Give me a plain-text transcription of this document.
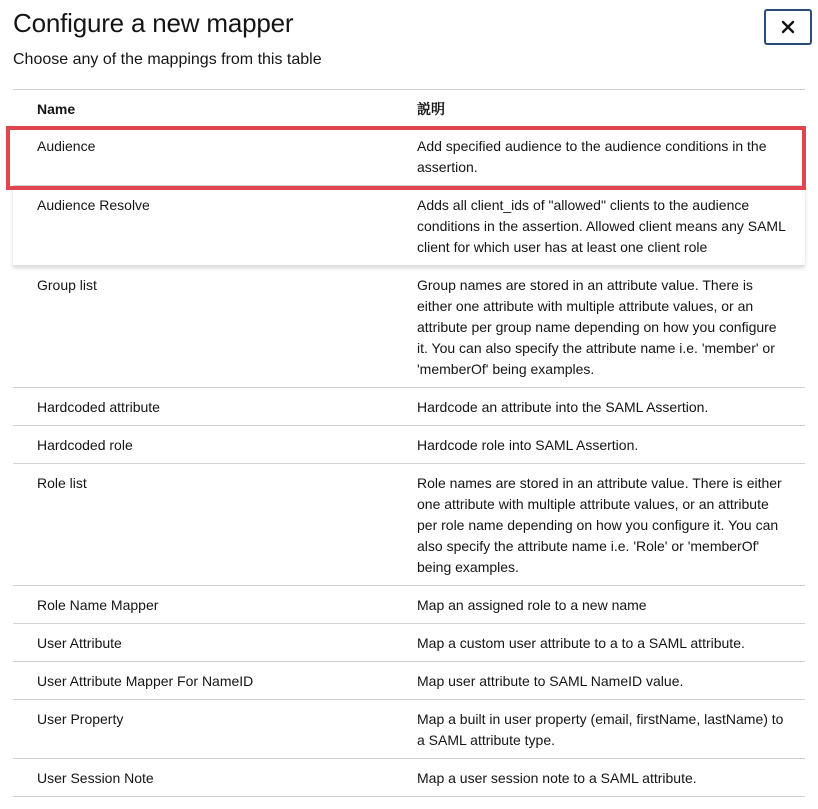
Configure a new mapper

Choose any of the mappings from this table

Name	説明
Audience	Add specified audience to the audience conditions in the assertion.
Audience Resolve	Adds all client_ids of "allowed" clients to the audience conditions in the assertion. Allowed client means any SAML client for which user has at least one client role
Group list	Group names are stored in an attribute value. There is either one attribute with multiple attribute values, or an attribute per group name depending on how you configure it. You can also specify the attribute name i.e. 'member' or 'memberOf' being examples.
Hardcoded attribute	Hardcode an attribute into the SAML Assertion.
Hardcoded role	Hardcode role into SAML Assertion.
Role list	Role names are stored in an attribute value. There is either one attribute with multiple attribute values, or an attribute per role name depending on how you configure it. You can also specify the attribute name i.e. 'Role' or 'memberOf' being examples.
Role Name Mapper	Map an assigned role to a new name
User Attribute	Map a custom user attribute to a to a SAML attribute.
User Attribute Mapper For NameID	Map user attribute to SAML NameID value.
User Property	Map a built in user property (email, firstName, lastName) to a SAML attribute type.
User Session Note	Map a user session note to a SAML attribute.
